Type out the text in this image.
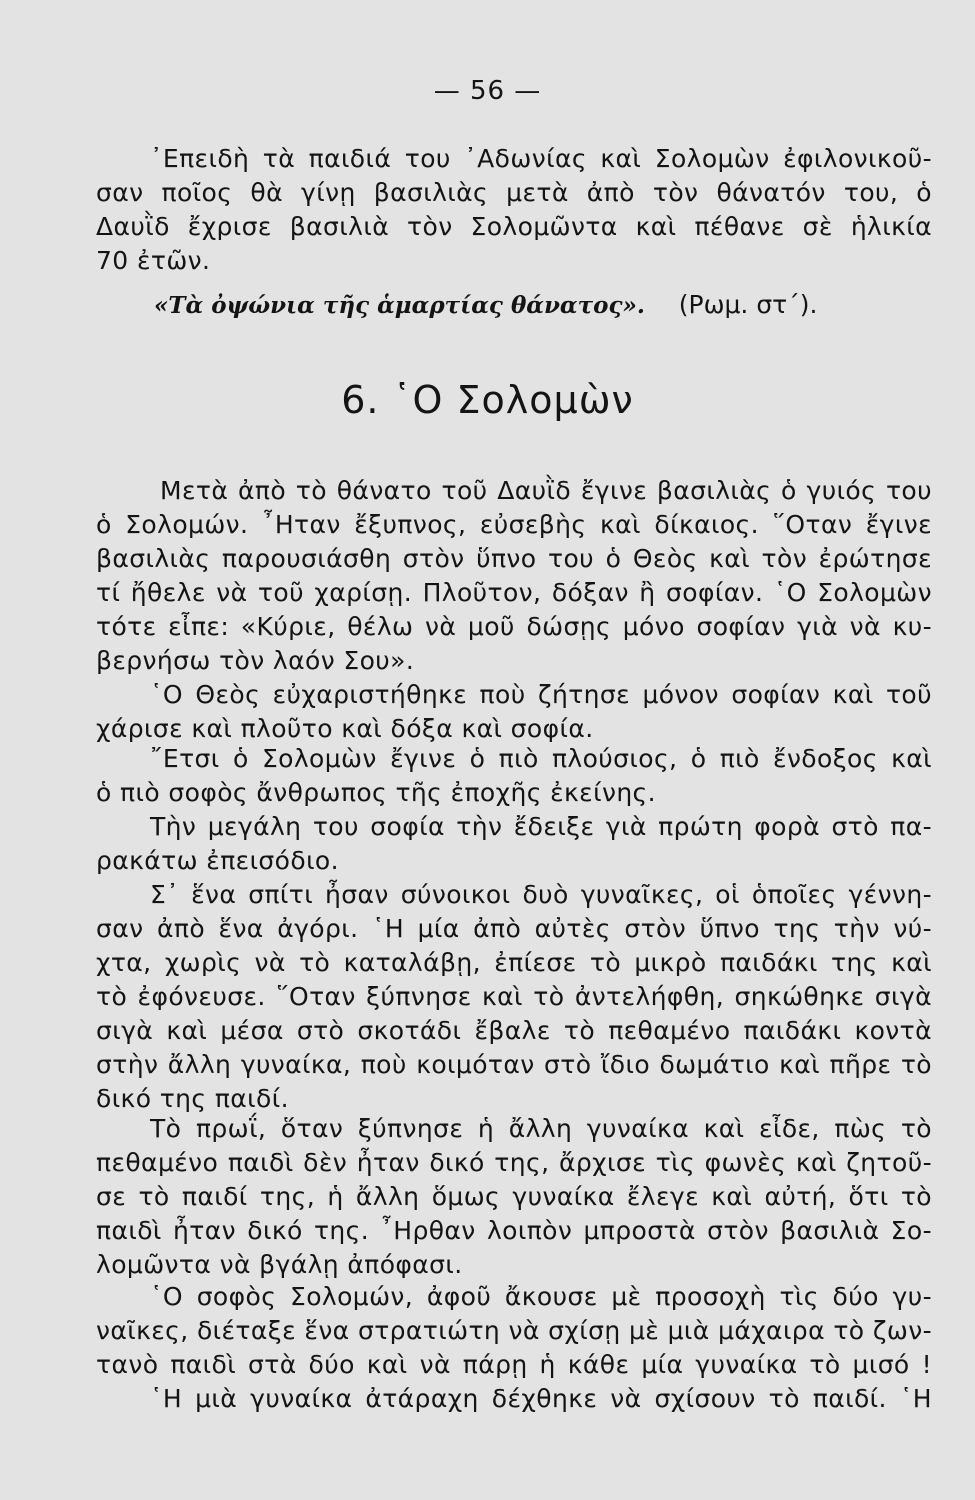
— 56 —
᾿Επειδὴ τὰ παιδιά του ᾿Αδωνίας καὶ Σολομὼν ἐφιλονικοῦ-
σαν ποῖος θὰ γίνῃ βασιλιὰς μετὰ ἀπὸ τὸν θάνατόν του, ὁ
Δαυῒδ ἔχρισε βασιλιὰ τὸν Σολομῶντα καὶ πέθανε σὲ ἡλικία
70 ἐτῶν.
«Τὰ ὀψώνια τῆς ἁμαρτίας θάνατος». (Ρωμ. στ΄).
6. ῾Ο Σολομὼν
Μετὰ ἀπὸ τὸ θάνατο τοῦ Δαυῒδ ἔγινε βασιλιὰς ὁ γυιός του
ὁ Σολομών. ῏Ηταν ἔξυπνος, εὐσεβὴς καὶ δίκαιος. ῞Οταν ἔγινε
βασιλιὰς παρουσιάσθη στὸν ὕπνο του ὁ Θεὸς καὶ τὸν ἐρώτησε
τί ἤθελε νὰ τοῦ χαρίσῃ. Πλοῦτον, δόξαν ἢ σοφίαν. ῾Ο Σολομὼν
τότε εἶπε: «Κύριε, θέλω νὰ μοῦ δώσῃς μόνο σοφίαν γιὰ νὰ κυ-
βερνήσω τὸν λαόν Σου».
῾Ο Θεὸς εὐχαριστήθηκε ποὺ ζήτησε μόνον σοφίαν καὶ τοῦ
χάρισε καὶ πλοῦτο καὶ δόξα καὶ σοφία.
῎Ετσι ὁ Σολομὼν ἔγινε ὁ πιὸ πλούσιος, ὁ πιὸ ἔνδοξος καὶ
ὁ πιὸ σοφὸς ἄνθρωπος τῆς ἐποχῆς ἐκείνης.
Τὴν μεγάλη του σοφία τὴν ἔδειξε γιὰ πρώτη φορὰ στὸ πα-
ρακάτω ἐπεισόδιο.
Σ᾿ ἕνα σπίτι ἦσαν σύνοικοι δυὸ γυναῖκες, οἱ ὁποῖες γέννη-
σαν ἀπὸ ἕνα ἀγόρι. ῾Η μία ἀπὸ αὐτὲς στὸν ὕπνο της τὴν νύ-
χτα, χωρὶς νὰ τὸ καταλάβῃ, ἐπίεσε τὸ μικρὸ παιδάκι της καὶ
τὸ ἐφόνευσε. ῞Οταν ξύπνησε καὶ τὸ ἀντελήφθη, σηκώθηκε σιγὰ
σιγὰ καὶ μέσα στὸ σκοτάδι ἔβαλε τὸ πεθαμένο παιδάκι κοντὰ
στὴν ἄλλη γυναίκα, ποὺ κοιμόταν στὸ ἴδιο δωμάτιο καὶ πῆρε τὸ
δικό της παιδί.
Τὸ πρωΐ, ὅταν ξύπνησε ἡ ἄλλη γυναίκα καὶ εἶδε, πὼς τὸ
πεθαμένο παιδὶ δὲν ἦταν δικό της, ἄρχισε τὶς φωνὲς καὶ ζητοῦ-
σε τὸ παιδί της, ἡ ἄλλη ὅμως γυναίκα ἔλεγε καὶ αὐτή, ὅτι τὸ
παιδὶ ἦταν δικό της. ῏Ηρθαν λοιπὸν μπροστὰ στὸν βασιλιὰ Σο-
λομῶντα νὰ βγάλῃ ἀπόφασι.
῾Ο σοφὸς Σολομών, ἀφοῦ ἄκουσε μὲ προσοχὴ τὶς δύο γυ-
ναῖκες, διέταξε ἕνα στρατιώτη νὰ σχίσῃ μὲ μιὰ μάχαιρα τὸ ζων-
τανὸ παιδὶ στὰ δύο καὶ νὰ πάρῃ ἡ κάθε μία γυναίκα τὸ μισό !
῾Η μιὰ γυναίκα ἀτάραχη δέχθηκε νὰ σχίσουν τὸ παιδί. ῾Η
